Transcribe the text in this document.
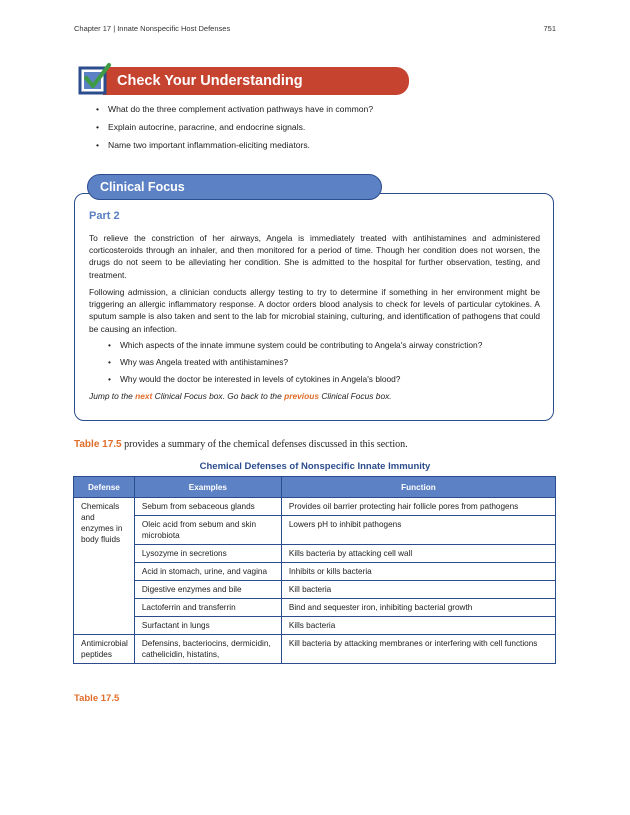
Chapter 17 | Innate Nonspecific Host Defenses	751
Check Your Understanding
• What do the three complement activation pathways have in common?
• Explain autocrine, paracrine, and endocrine signals.
• Name two important inflammation-eliciting mediators.
Clinical Focus
Part 2

To relieve the constriction of her airways, Angela is immediately treated with antihistamines and administered corticosteroids through an inhaler, and then monitored for a period of time. Though her condition does not worsen, the drugs do not seem to be alleviating her condition. She is admitted to the hospital for further observation, testing, and treatment.

Following admission, a clinician conducts allergy testing to try to determine if something in her environment might be triggering an allergic inflammatory response. A doctor orders blood analysis to check for levels of particular cytokines. A sputum sample is also taken and sent to the lab for microbial staining, culturing, and identification of pathogens that could be causing an infection.

• Which aspects of the innate immune system could be contributing to Angela's airway constriction?
• Why was Angela treated with antihistamines?
• Why would the doctor be interested in levels of cytokines in Angela's blood?
Jump to the next Clinical Focus box. Go back to the previous Clinical Focus box.
Table 17.5 provides a summary of the chemical defenses discussed in this section.
Chemical Defenses of Nonspecific Innate Immunity
Defense	Examples	Function
Chemicals and enzymes in body fluids	Sebum from sebaceous glands	Provides oil barrier protecting hair follicle pores from pathogens
	Oleic acid from sebum and skin microbiota	Lowers pH to inhibit pathogens
	Lysozyme in secretions	Kills bacteria by attacking cell wall
	Acid in stomach, urine, and vagina	Inhibits or kills bacteria
	Digestive enzymes and bile	Kill bacteria
	Lactoferrin and transferrin	Bind and sequester iron, inhibiting bacterial growth
	Surfactant in lungs	Kills bacteria
Antimicrobial peptides	Defensins, bacteriocins, dermicidin, cathelicidin, histatins,	Kill bacteria by attacking membranes or interfering with cell functions
Table 17.5
